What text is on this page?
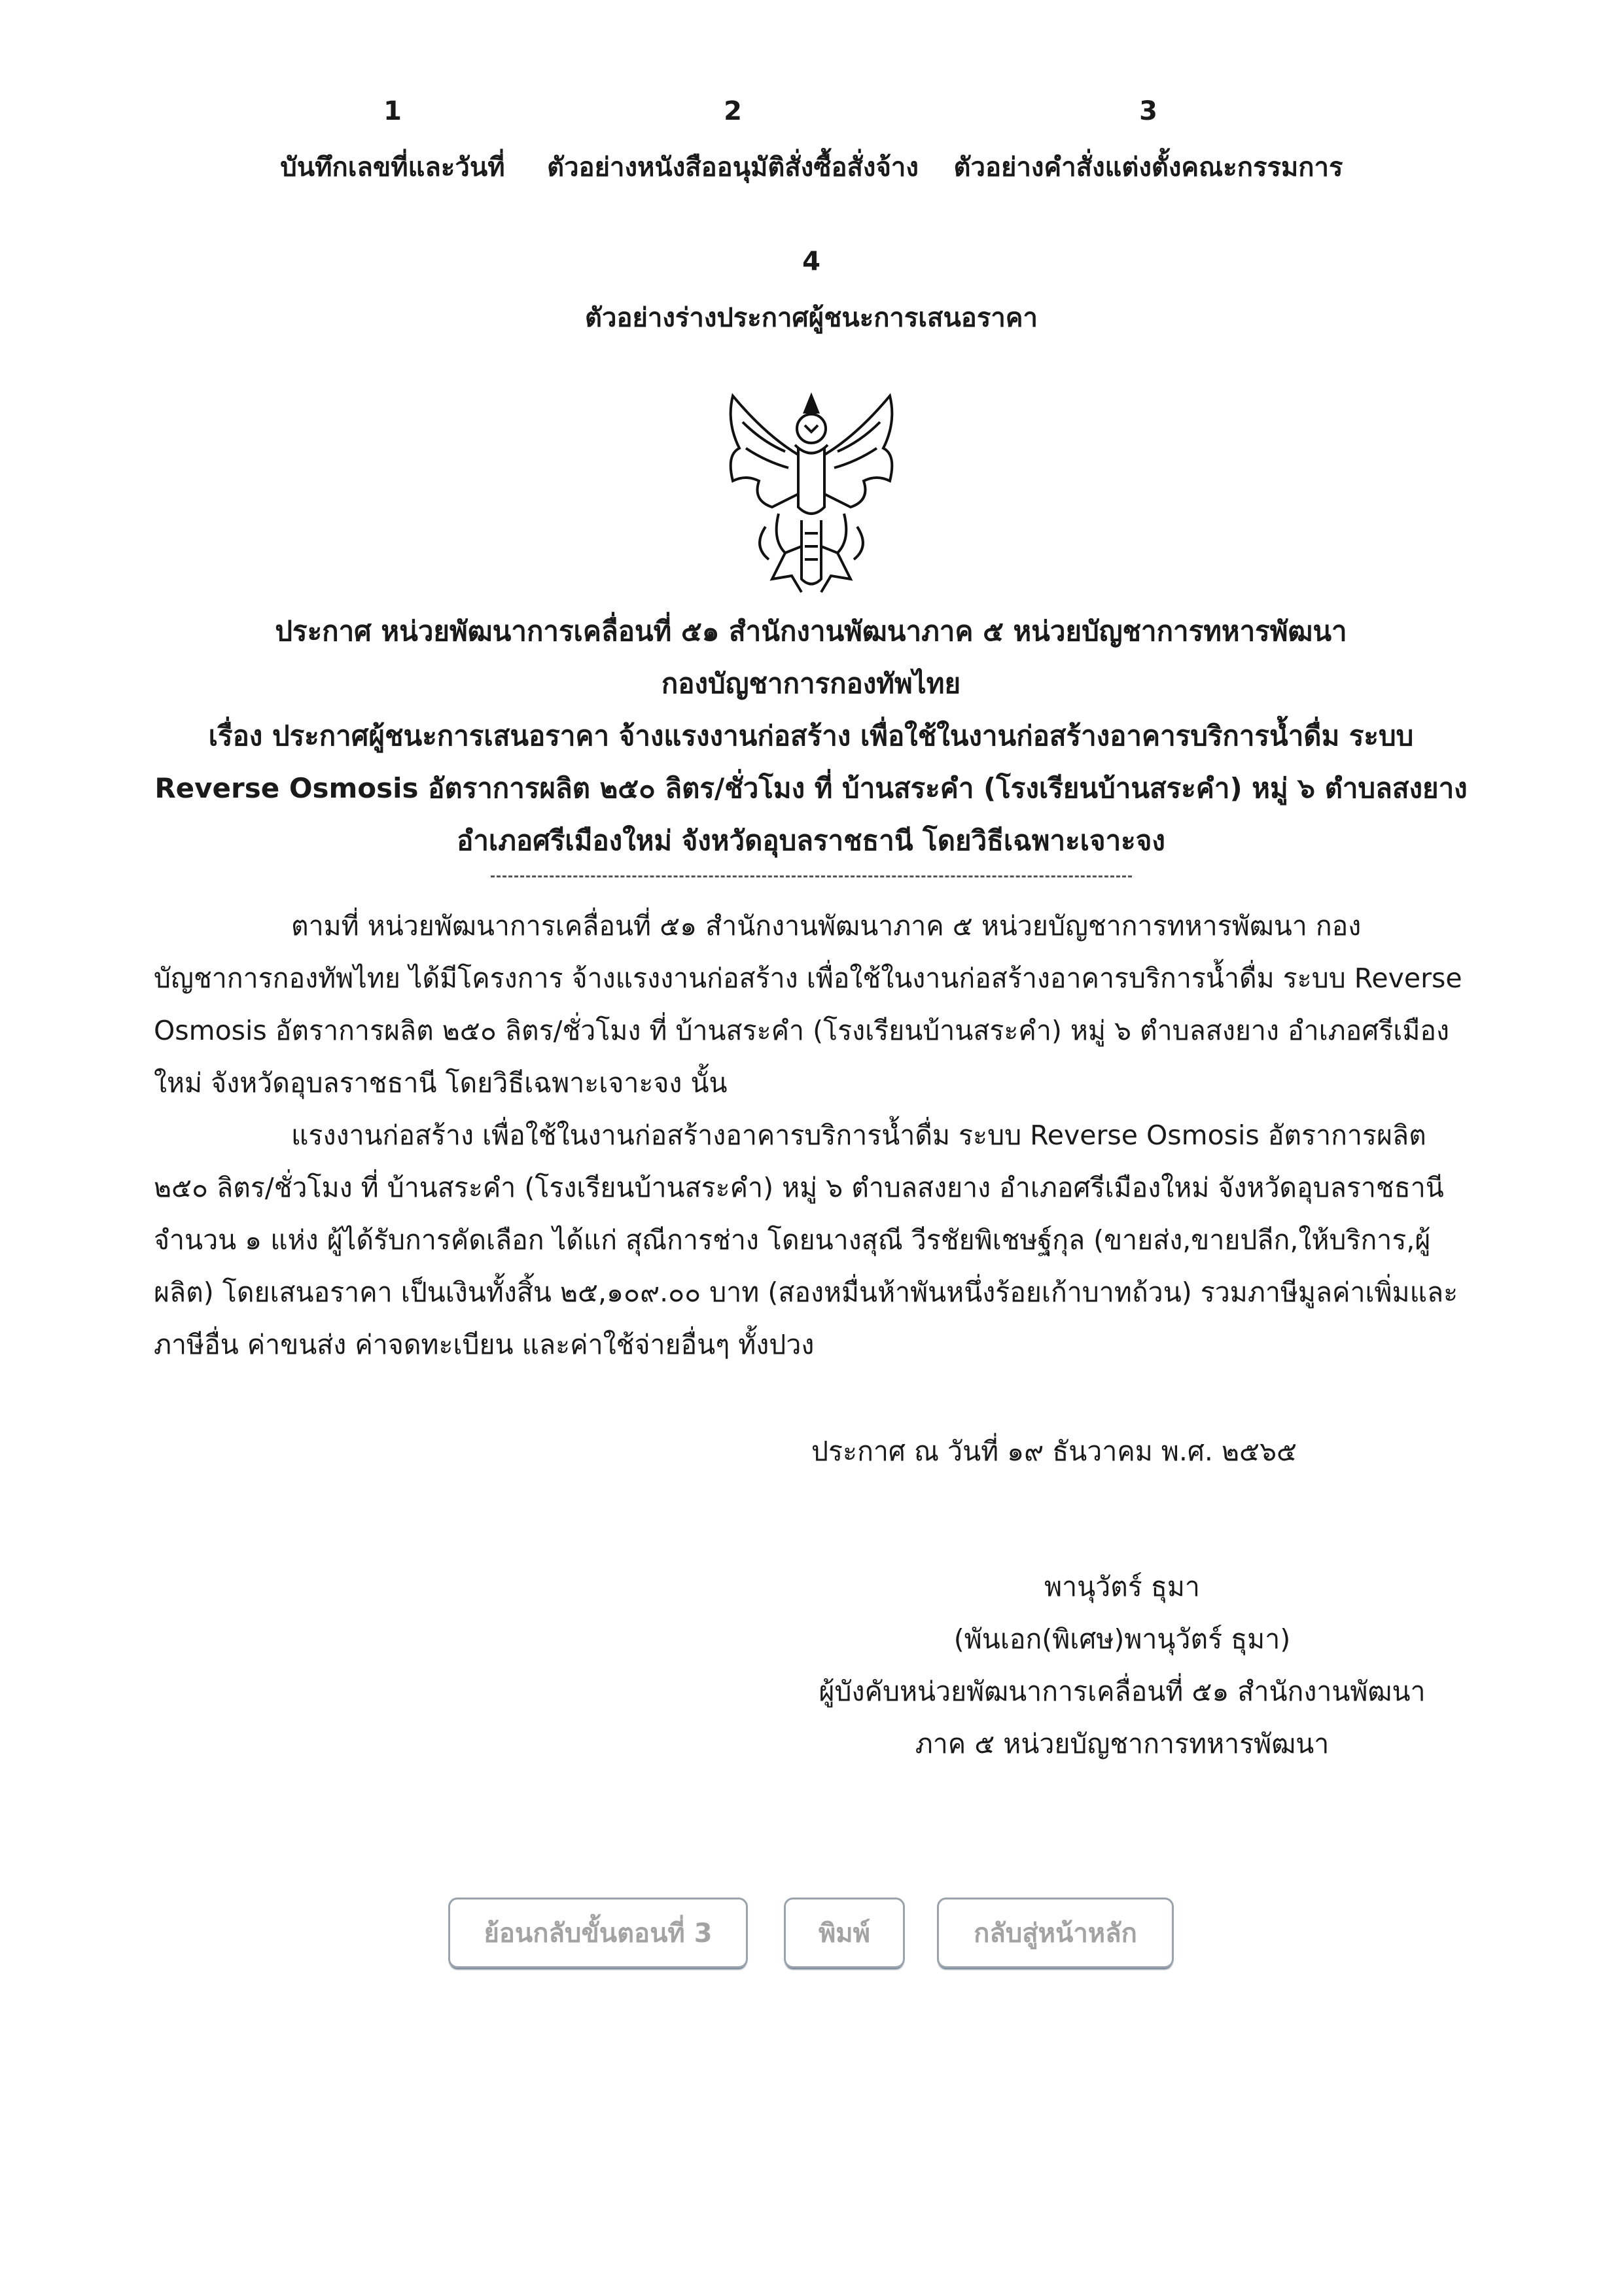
1
บันทึกเลขที่และวันที่
2
ตัวอย่างหนังสืออนุมัติสั่งซื้อสั่งจ้าง
3
ตัวอย่างคำสั่งแต่งตั้งคณะกรรมการ
4
ตัวอย่างร่างประกาศผู้ชนะการเสนอราคา
ประกาศ หน่วยพัฒนาการเคลื่อนที่ ๕๑ สำนักงานพัฒนาภาค ๕ หน่วยบัญชาการทหารพัฒนา
กองบัญชาการกองทัพไทย
เรื่อง ประกาศผู้ชนะการเสนอราคา จ้างแรงงานก่อสร้าง เพื่อใช้ในงานก่อสร้างอาคารบริการน้ำดื่ม ระบบ
Reverse Osmosis อัตราการผลิต ๒๕๐ ลิตร/ชั่วโมง ที่ บ้านสระคำ (โรงเรียนบ้านสระคำ) หมู่ ๖ ตำบลสงยาง
อำเภอศรีเมืองใหม่ จังหวัดอุบลราชธานี โดยวิธีเฉพาะเจาะจง

ตามที่ หน่วยพัฒนาการเคลื่อนที่ ๕๑ สำนักงานพัฒนาภาค ๕ หน่วยบัญชาการทหารพัฒนา กองบัญชาการกองทัพไทย ได้มีโครงการ จ้างแรงงานก่อสร้าง เพื่อใช้ในงานก่อสร้างอาคารบริการน้ำดื่ม ระบบ Reverse Osmosis อัตราการผลิต ๒๕๐ ลิตร/ชั่วโมง ที่ บ้านสระคำ (โรงเรียนบ้านสระคำ) หมู่ ๖ ตำบลสงยาง อำเภอศรีเมืองใหม่ จังหวัดอุบลราชธานี โดยวิธีเฉพาะเจาะจง นั้น

แรงงานก่อสร้าง เพื่อใช้ในงานก่อสร้างอาคารบริการน้ำดื่ม ระบบ Reverse Osmosis อัตราการผลิต ๒๕๐ ลิตร/ชั่วโมง ที่ บ้านสระคำ (โรงเรียนบ้านสระคำ) หมู่ ๖ ตำบลสงยาง อำเภอศรีเมืองใหม่ จังหวัดอุบลราชธานี จำนวน ๑ แห่ง ผู้ได้รับการคัดเลือก ได้แก่ สุณีการช่าง โดยนางสุณี วีรชัยพิเชษฐ์กุล (ขายส่ง,ขายปลีก,ให้บริการ,ผู้ผลิต) โดยเสนอราคา เป็นเงินทั้งสิ้น ๒๕,๑๐๙.๐๐ บาท (สองหมื่นห้าพันหนึ่งร้อยเก้าบาทถ้วน) รวมภาษีมูลค่าเพิ่มและภาษีอื่น ค่าขนส่ง ค่าจดทะเบียน และค่าใช้จ่ายอื่นๆ ทั้งปวง

ประกาศ ณ วันที่ ๑๙ ธันวาคม พ.ศ. ๒๕๖๕
พานุวัตร์ ธุมา
(พันเอก(พิเศษ)พานุวัตร์ ธุมา)
ผู้บังคับหน่วยพัฒนาการเคลื่อนที่ ๕๑ สำนักงานพัฒนา
ภาค ๕ หน่วยบัญชาการทหารพัฒนา
ย้อนกลับขั้นตอนที่ 3	พิมพ์	กลับสู่หน้าหลัก
